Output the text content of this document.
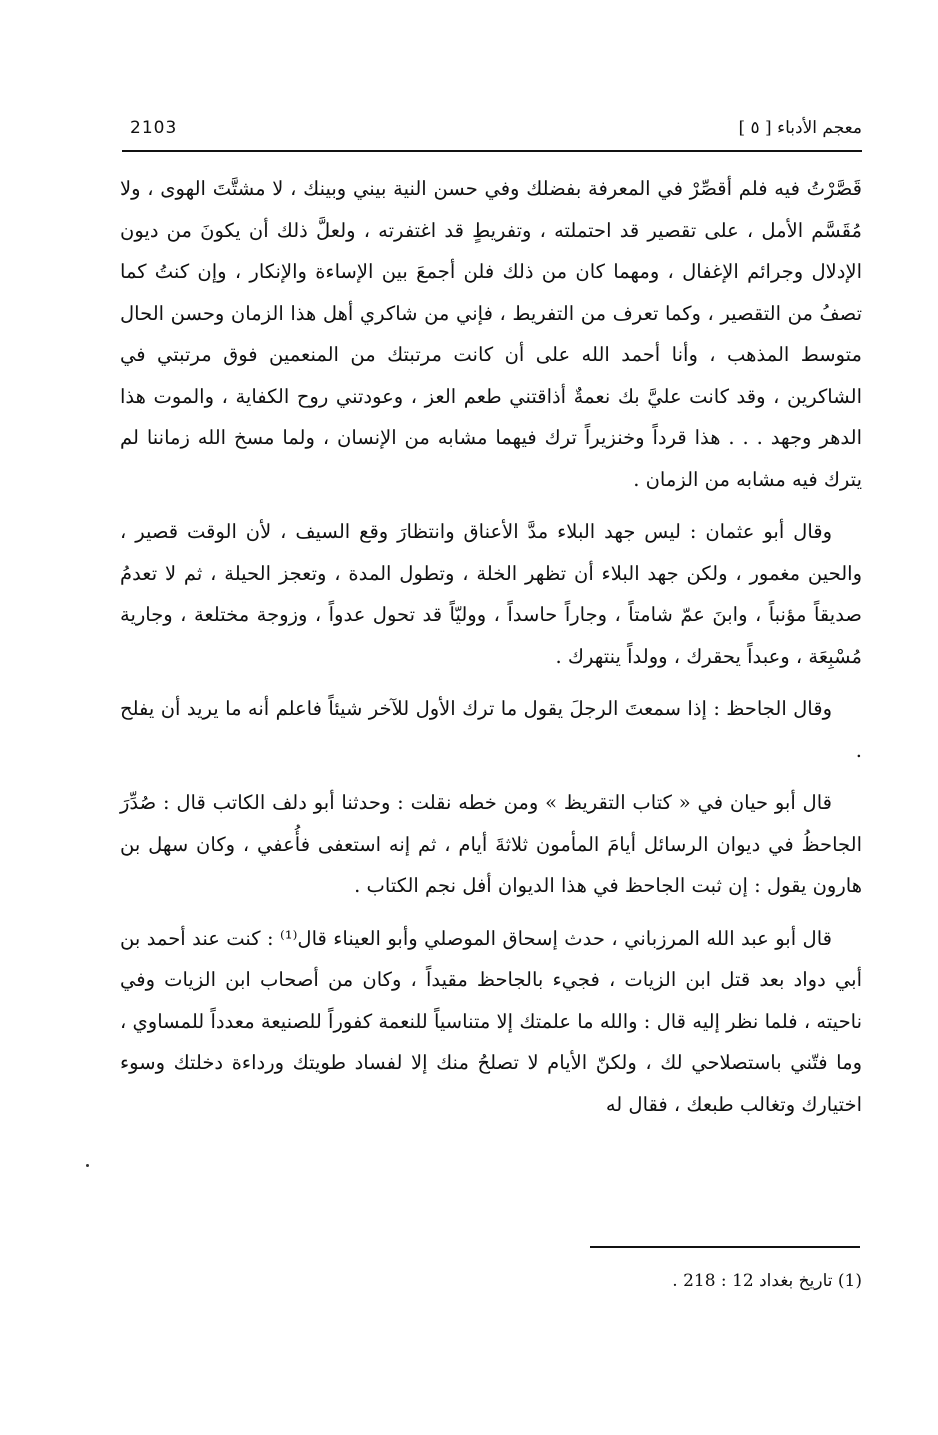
2103	معجم الأدباء [ ٥ ]

قَصَّرْتُ فيه فلم أقصِّرْ في المعرفة بفضلك وفي حسن النية بيني وبينك ، لا مشتَّتَ الهوى ، ولا مُقَسَّم الأمل ، على تقصير قد احتملته ، وتفريطٍ قد اغتفرته ، ولعلَّ ذلك أن يكونَ من ديون الإدلال وجرائم الإغفال ، ومهما كان من ذلك فلن أجمعَ بين الإساءة والإنكار ، وإن كنتُ كما تصفُ من التقصير ، وكما تعرف من التفريط ، فإني من شاكري أهل هذا الزمان وحسن الحال متوسط المذهب ، وأنا أحمد الله على أن كانت مرتبتك من المنعمين فوق مرتبتي في الشاكرين ، وقد كانت عليَّ بك نعمةٌ أذاقتني طعم العز ، وعودتني روح الكفاية ، والموت هذا الدهر وجهد . . . هذا قرداً وخنزيراً ترك فيهما مشابه من الإنسان ، ولما مسخ الله زماننا لم يترك فيه مشابه من الزمان .

وقال أبو عثمان : ليس جهد البلاء مدَّ الأعناق وانتظارَ وقع السيف ، لأن الوقت قصير ، والحين مغمور ، ولكن جهد البلاء أن تظهر الخلة ، وتطول المدة ، وتعجز الحيلة ، ثم لا تعدمُ صديقاً مؤنباً ، وابنَ عمّ شامتاً ، وجاراً حاسداً ، ووليّاً قد تحول عدواً ، وزوجة مختلعة ، وجارية مُسْبِعَة ، وعبداً يحقرك ، وولداً ينتهرك .

وقال الجاحظ : إذا سمعتَ الرجلَ يقول ما ترك الأول للآخر شيئاً فاعلم أنه ما يريد أن يفلح .

قال أبو حيان في « كتاب التقريظ » ومن خطه نقلت : وحدثنا أبو دلف الكاتب قال : صُدِّرَ الجاحظُ في ديوان الرسائل أيامَ المأمون ثلاثةَ أيام ، ثم إنه استعفى فأُعفي ، وكان سهل بن هارون يقول : إن ثبت الجاحظ في هذا الديوان أفل نجم الكتاب .

قال أبو عبد الله المرزباني ، حدث إسحاق الموصلي وأبو العيناء قال⁽¹⁾ : كنت عند أحمد بن أبي دواد بعد قتل ابن الزيات ، فجيء بالجاحظ مقيداً ، وكان من أصحاب ابن الزيات وفي ناحيته ، فلما نظر إليه قال : والله ما علمتك إلا متناسياً للنعمة كفوراً للصنيعة معدداً للمساوي ، وما فتّني باستصلاحي لك ، ولكنّ الأيام لا تصلحُ منك إلا لفساد طويتك ورداءة دخلتك وسوء اختيارك وتغالب طبعك ، فقال له

(1) تاريخ بغداد 12 : 218 .
